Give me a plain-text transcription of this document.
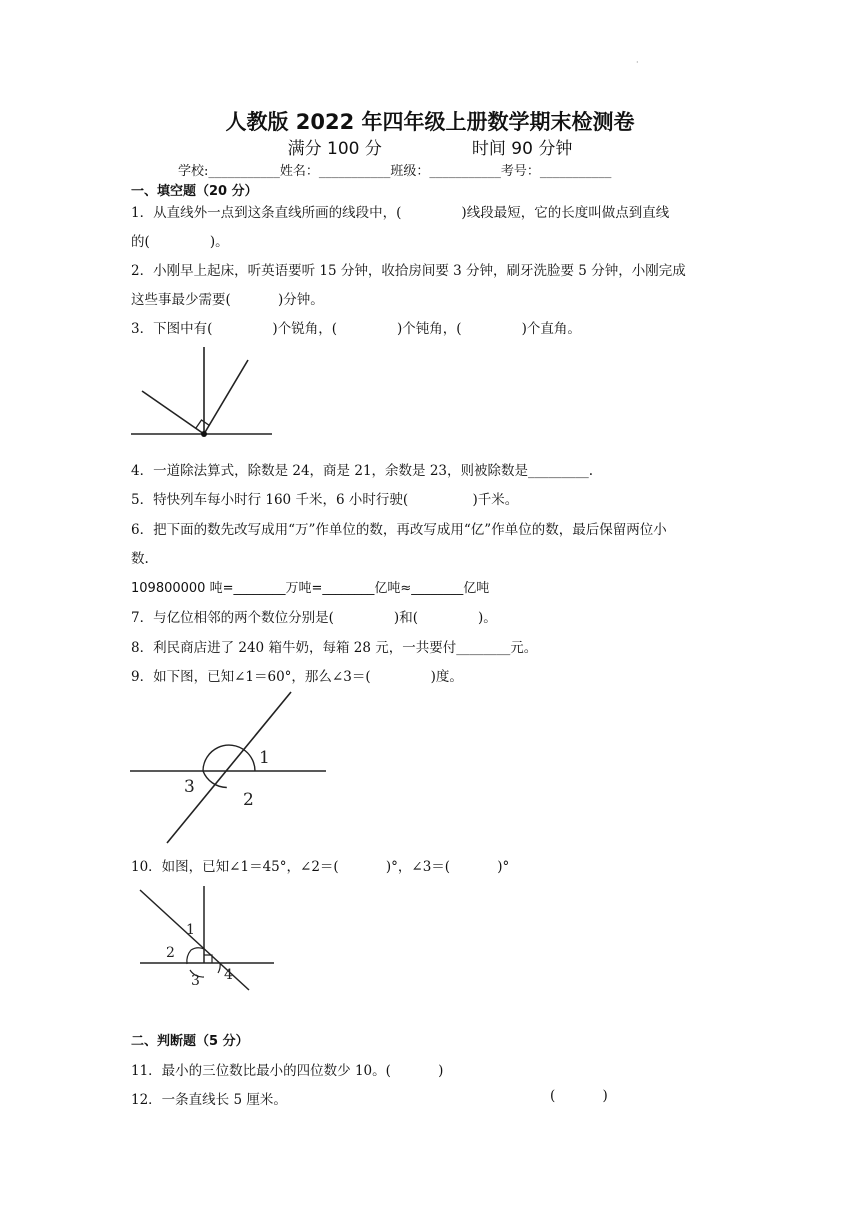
·
人教版 2022 年四年级上册数学期末检测卷
满分 100 分	时间 90 分钟
学校:___________姓名：___________班级：___________考号：___________
一、填空题（20 分）
1．从直线外一点到这条直线所画的线段中，(              )线段最短，它的长度叫做点到直线
的(              )。
2．小刚早上起床，听英语要听 15 分钟，收拾房间要 3 分钟，刷牙洗脸要 5 分钟，小刚完成
这些事最少需要(           )分钟。
3．下图中有(              )个锐角，(              )个钝角，(              )个直角。
4．一道除法算式，除数是 24，商是 21，余数是 23，则被除数是_________.
5．特快列车每小时行 160 千米，6 小时行驶(               )千米。
6．把下面的数先改写成用“万”作单位的数，再改写成用“亿”作单位的数，最后保留两位小
数.
109800000 吨=________万吨=________亿吨≈________亿吨
7．与亿位相邻的两个数位分别是(              )和(              )。
8．利民商店进了 240 箱牛奶，每箱 28 元，一共要付________元。
9．如下图，已知∠1＝60°，那么∠3＝(              )度。
1
2
3
10．如图，已知∠1＝45°，∠2＝(           )°，∠3＝(           )°
1
2
3 4
二、判断题（5 分）
11．最小的三位数比最小的四位数少 10。(           )
12．一条直线长 5 厘米。	(           )
